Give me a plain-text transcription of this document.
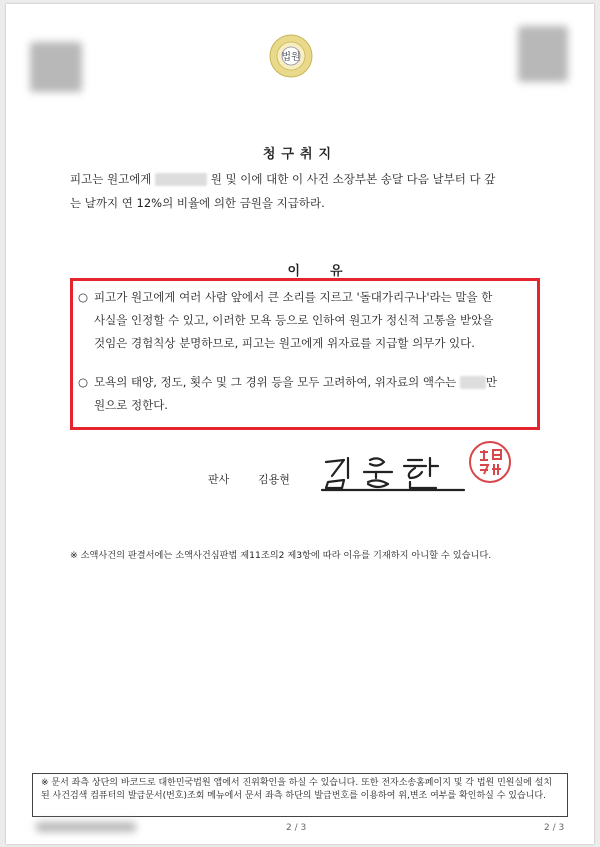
법원
청구취지
피고는 원고에게	원 및 이에 대한 이 사건 소장부본 송달 다음 날부터 다 갚
는 날까지 연 12%의 비율에 의한 금원을 지급하라.
이유
○ 피고가 원고에게 여러 사람 앞에서 큰 소리를 지르고 '돌대가리구나'라는 말을 한
사실을 인정할 수 있고, 이러한 모욕 등으로 인하여 원고가 정신적 고통을 받았을
것임은 경험칙상 분명하므로, 피고는 원고에게 위자료를 지급할 의무가 있다.
○ 모욕의 태양, 정도, 횟수 및 그 경위 등을 모두 고려하여, 위자료의 액수는	만
원으로 정한다.
판사	김용현
※ 소액사건의 판결서에는 소액사건심판법 제11조의2 제3항에 따라 이유를 기재하지 아니할 수 있습니다.
※ 문서 좌측 상단의 바코드로 대한민국법원 앱에서 진위확인을 하실 수 있습니다. 또한 전자소송홈페이지 및 각 법원 민원실에 설치된 사건검색 컴퓨터의 발급문서(번호)조회 메뉴에서 문서 좌측 하단의 발급번호를 이용하여 위,변조 여부를 확인하실 수 있습니다.
2 / 3	2 / 3
